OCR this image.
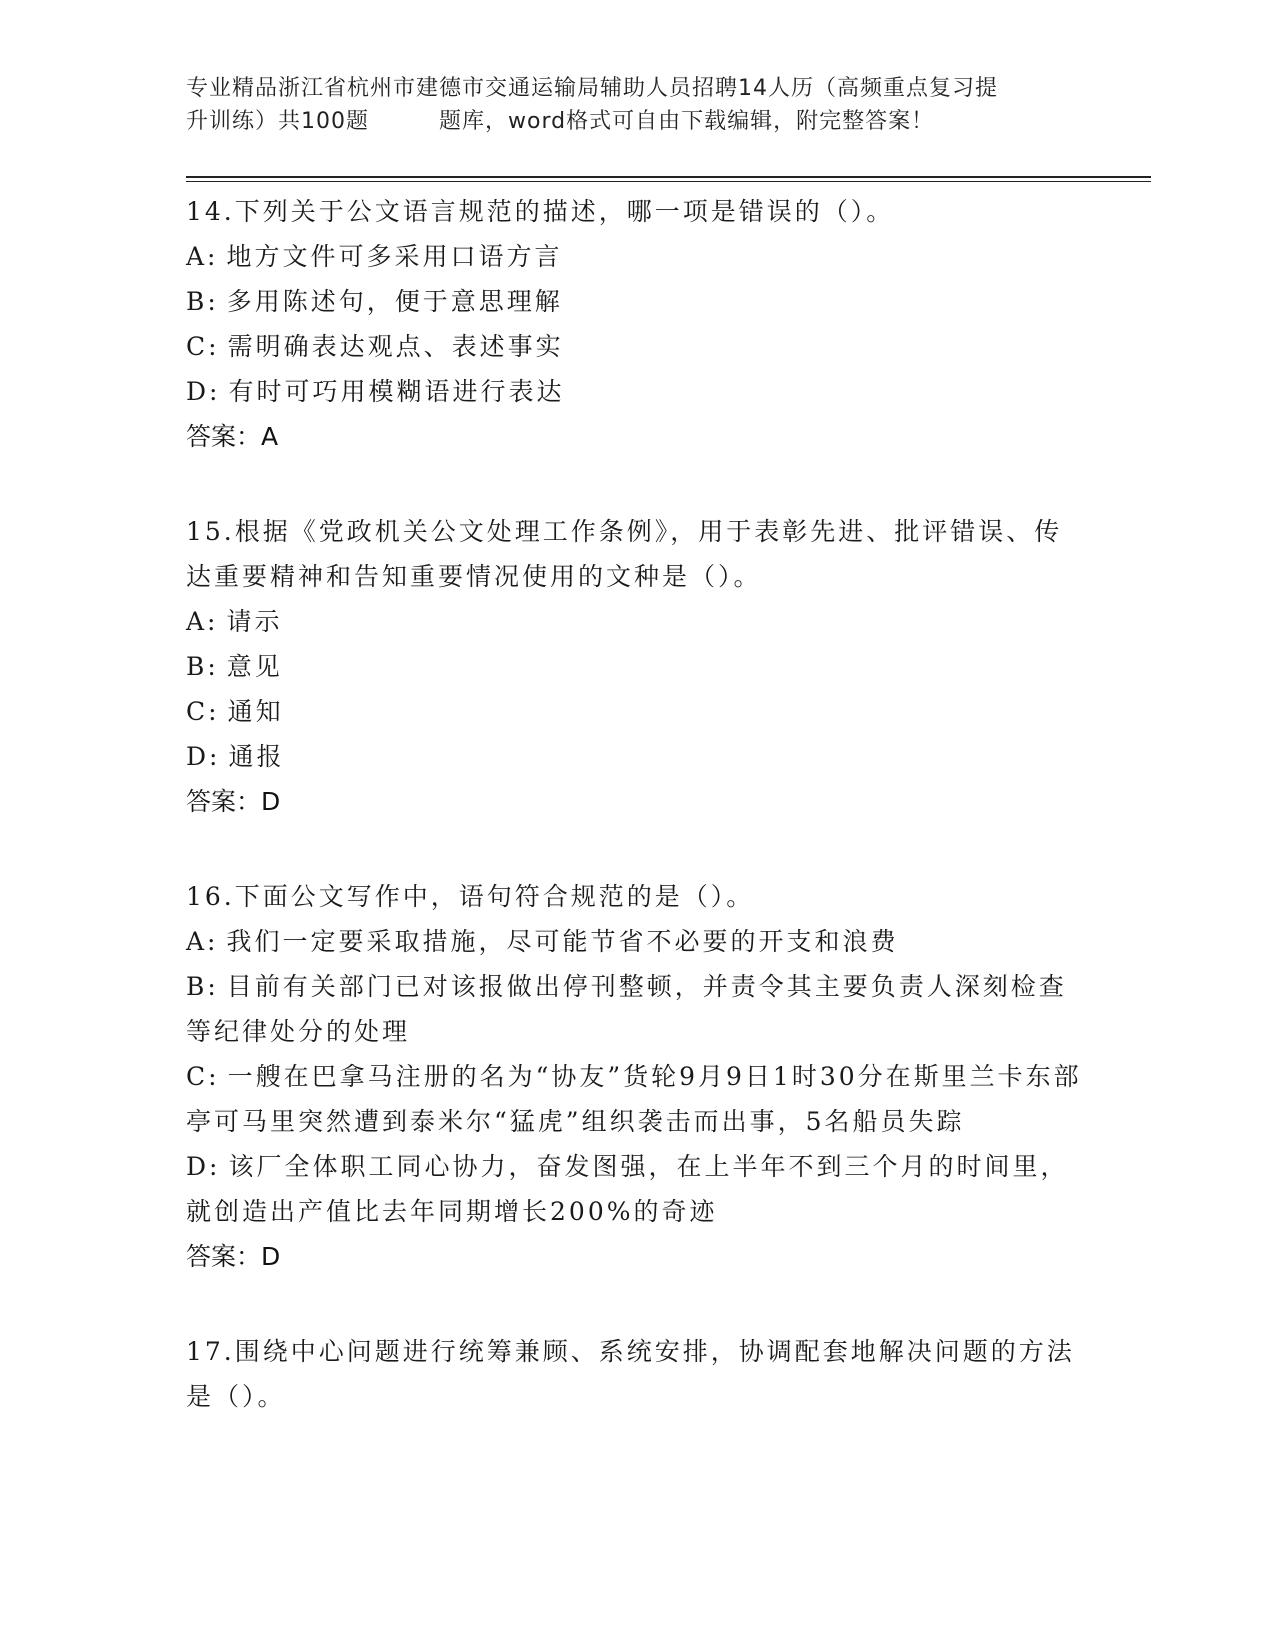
专业精品浙江省杭州市建德市交通运输局辅助人员招聘14人历（高频重点复习提
升训练）共100题	题库，word格式可自由下载编辑，附完整答案！

14.下列关于公文语言规范的描述，哪一项是错误的（）。

A: 地方文件可多采用口语方言

B: 多用陈述句，便于意思理解

C: 需明确表达观点、表述事实

D: 有时可巧用模糊语进行表达

答案：A

15.根据《党政机关公文处理工作条例》，用于表彰先进、批评错误、传达重要精神和告知重要情况使用的文种是（）。

A: 请示

B: 意见

C: 通知

D: 通报

答案：D

16.下面公文写作中，语句符合规范的是（）。

A: 我们一定要采取措施，尽可能节省不必要的开支和浪费

B: 目前有关部门已对该报做出停刊整顿，并责令其主要负责人深刻检查等纪律处分的处理

C: 一艘在巴拿马注册的名为“协友”货轮9月9日1时30分在斯里兰卡东部亭可马里突然遭到泰米尔“猛虎”组织袭击而出事，5名船员失踪

D: 该厂全体职工同心协力，奋发图强，在上半年不到三个月的时间里，就创造出产值比去年同期增长200%的奇迹

答案：D

17.围绕中心问题进行统筹兼顾、系统安排，协调配套地解决问题的方法是（）。
